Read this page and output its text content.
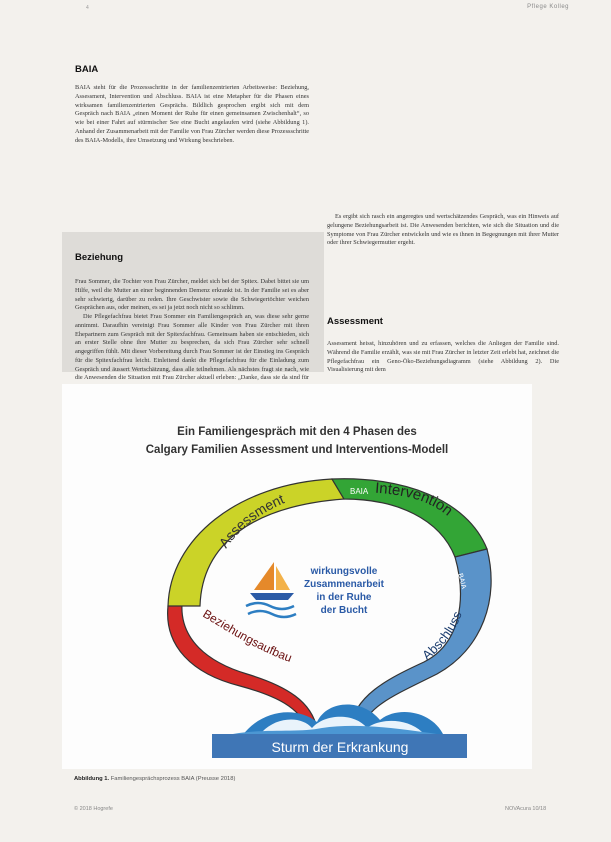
4	Pflege Kolleg
BAIA

BAIA steht für die Prozessschritte in der familienzentrierten Arbeitsweise: Beziehung, Assessment, Intervention und Abschluss. BAIA ist eine Metapher für die Phasen eines wirksamen familienzentrierten Gesprächs. Bildlich gesprochen ergibt sich mit dem Gespräch nach BAIA „einen Moment der Ruhe für einen gemeinsamen Zwischenhalt“, so wie bei einer Fahrt auf stürmischer See eine Bucht angelaufen wird (siehe Abbildung 1). Anhand der Zusammenarbeit mit der Familie von Frau Zürcher werden diese Prozessschritte des BAIA-Modells, ihre Umsetzung und Wirkung beschrieben.

Beziehung

Frau Sommer, die Tochter von Frau Zürcher, meldet sich bei der Spitex. Dabei bittet sie um Hilfe, weil die Mutter an einer beginnenden Demenz erkrankt ist. In der Familie sei es aber sehr schwierig, darüber zu reden. Ihre Geschwister sowie die Schwiegertöchter weichen Gesprächen aus, oder meinen, es sei ja jetzt noch nicht so schlimm.

Die Pflegefachfrau bietet Frau Sommer ein Familiengespräch an, was diese sehr gerne annimmt. Daraufhin vereinigt Frau Sommer alle Kinder von Frau Zürcher mit ihren Ehepartnern zum Gespräch mit der Spitexfachfrau. Gemeinsam haben sie entschieden, sich an erster Stelle ohne ihre Mutter zu besprechen, da sich Frau Zürcher sehr schnell angegriffen fühlt. Mit dieser Vorbereitung durch Frau Sommer ist der Einstieg ins Gespräch für die Spitexfachfrau leicht. Einleitend dankt die Pflegefachfrau für die Einladung zum Gespräch und äussert Wertschätzung, dass alle teilnehmen. Als nächstes fragt sie nach, wie die Anwesenden die Situation mit Frau Zürcher aktuell erleben: „Danke, dass sie da sind für

Es ergibt sich rasch ein angeregtes und wertschätzendes Gespräch, was ein Hinweis auf gelungene Beziehungsarbeit ist. Die Anwesenden berichten, wie sich die Situation und die Symptome von Frau Zürcher entwickeln und wie es ihnen in Begegnungen mit ihrer Mutter oder ihrer Schwiegermutter ergeht.

Assessment

Assessment heisst, hinzuhören und zu erfassen, welches die Anliegen der Familie sind. Während die Familie erzählt, was sie mit Frau Zürcher in letzter Zeit erlebt hat, zeichnet die Pflegefachfrau ein Geno-Öko-Beziehungsdiagramm (siehe Abbildung 2). Die Visualisierung mit dem

Ein Familiengespräch mit den 4 Phasen des
Calgary Familien Assessment und Interventions-Modell
Assessment
Intervention
Abschluss
Beziehungsaufbau
BAIA
BAIA
wirkungsvolle
Zusammenarbeit
in der Ruhe
der Bucht
Sturm der Erkrankung
Abbildung 1. Familiengesprächsprozess BAIA (Preusse 2018)
© 2018 Hogrefe	NOVAcura 10/18
